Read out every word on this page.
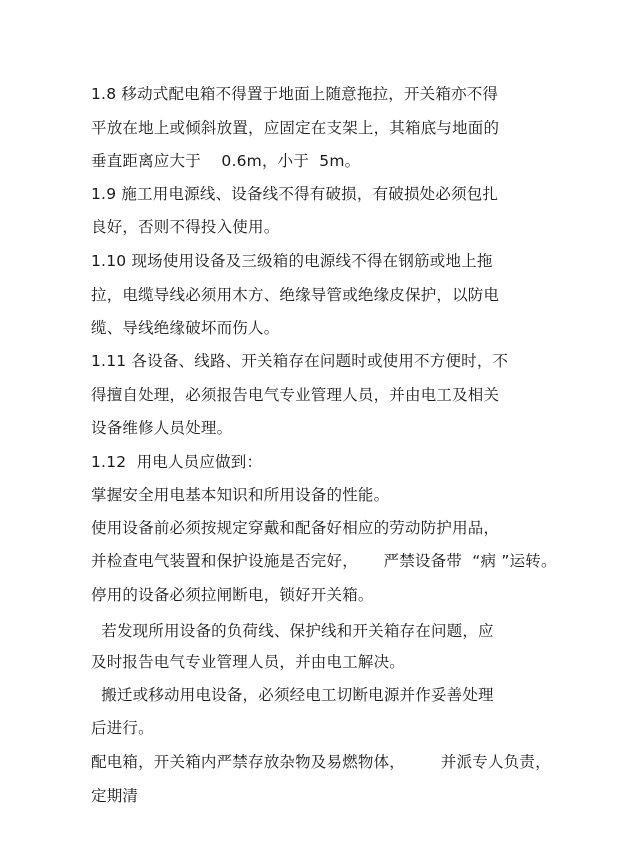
1.8 移动式配电箱不得置于地面上随意拖拉，开关箱亦不得
平放在地上或倾斜放置，应固定在支架上，其箱底与地面的
垂直距离应大于    0.6m，小于  5m。
1.9 施工用电源线、设备线不得有破损，有破损处必须包扎
良好，否则不得投入使用。
1.10 现场使用设备及三级箱的电源线不得在钢筋或地上拖
拉，电缆导线必须用木方、绝缘导管或绝缘皮保护，以防电
缆、导线绝缘破坏而伤人。
1.11 各设备、线路、开关箱存在问题时或使用不方便时，不
得擅自处理，必须报告电气专业管理人员，并由电工及相关
设备维修人员处理。
1.12  用电人员应做到：
掌握安全用电基本知识和所用设备的性能。
使用设备前必须按规定穿戴和配备好相应的劳动防护用品，
并检查电气装置和保护设施是否完好，     严禁设备带  “病 ”运转。
停用的设备必须拉闸断电，锁好开关箱。
若发现所用设备的负荷线、保护线和开关箱存在问题，应
及时报告电气专业管理人员，并由电工解决。
搬迁或移动用电设备，必须经电工切断电源并作妥善处理
后进行。
配电箱，开关箱内严禁存放杂物及易燃物体，       并派专人负责，
定期清
